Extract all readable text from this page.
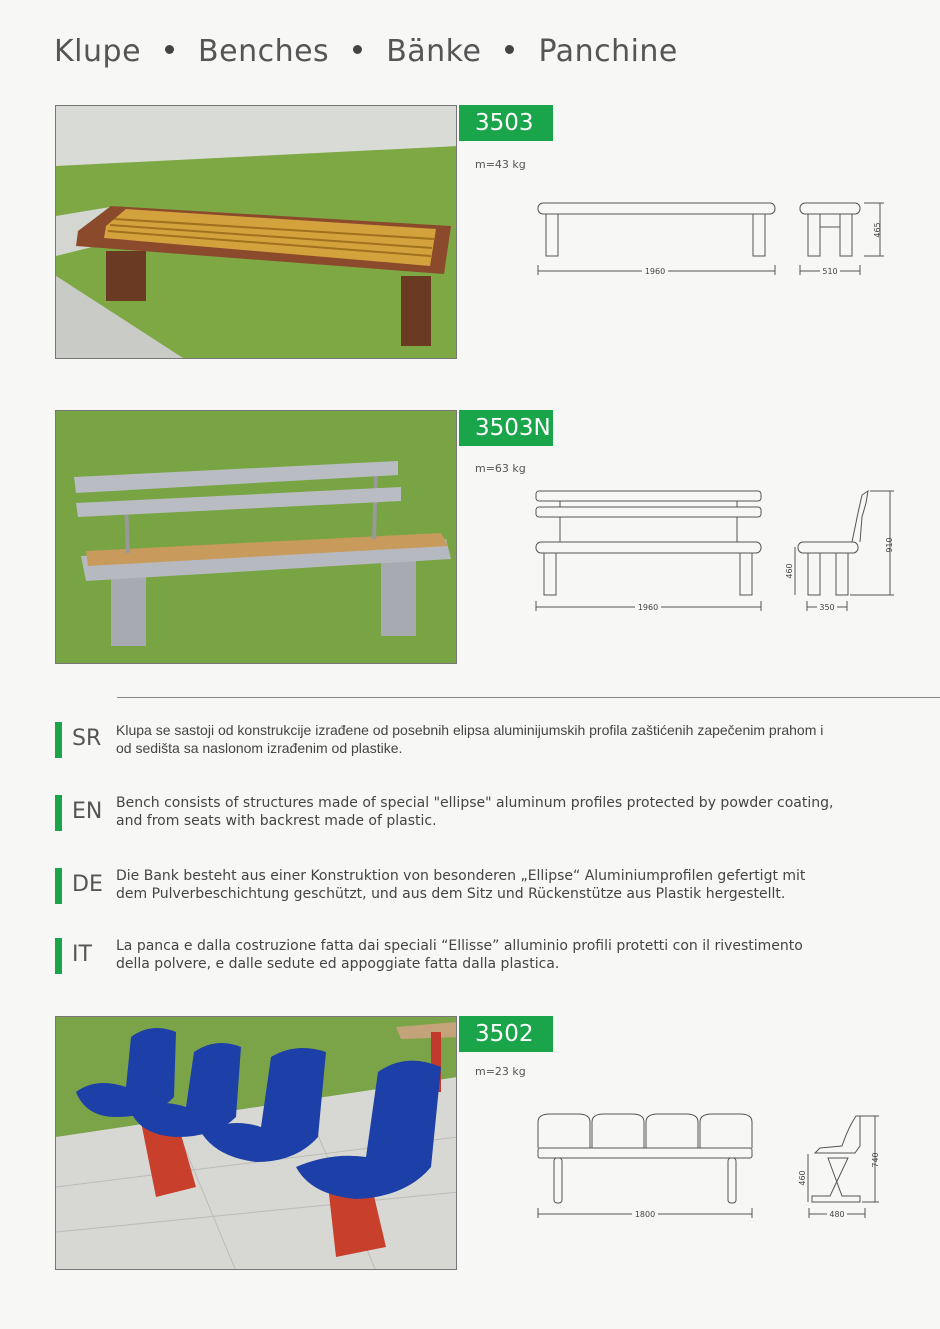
Klupe Benches Bänke Panchine
3503
m=43 kg
1960	510
465
3503N
m=63 kg
1960	350
460
910
SR Klupa se sastoji od konstrukcije izrađene od posebnih elipsa aluminijumskih profila zaštićenih zapečenim prahom i od sedišta sa naslonom izrađenim od plastike.
EN Bench consists of structures made of special "ellipse" aluminum profiles protected by powder coating, and from seats with backrest made of plastic.
DE Die Bank besteht aus einer Konstruktion von besonderen „Ellipse“ Aluminiumprofilen gefertigt mit dem Pulverbeschichtung geschützt, und aus dem Sitz und Rückenstütze aus Plastik hergestellt.
IT La panca e dalla costruzione fatta dai speciali “Ellisse” alluminio profili protetti con il rivestimento della polvere, e dalle sedute ed appoggiate fatta dalla plastica.
3502
m=23 kg
1800	480
460
740
